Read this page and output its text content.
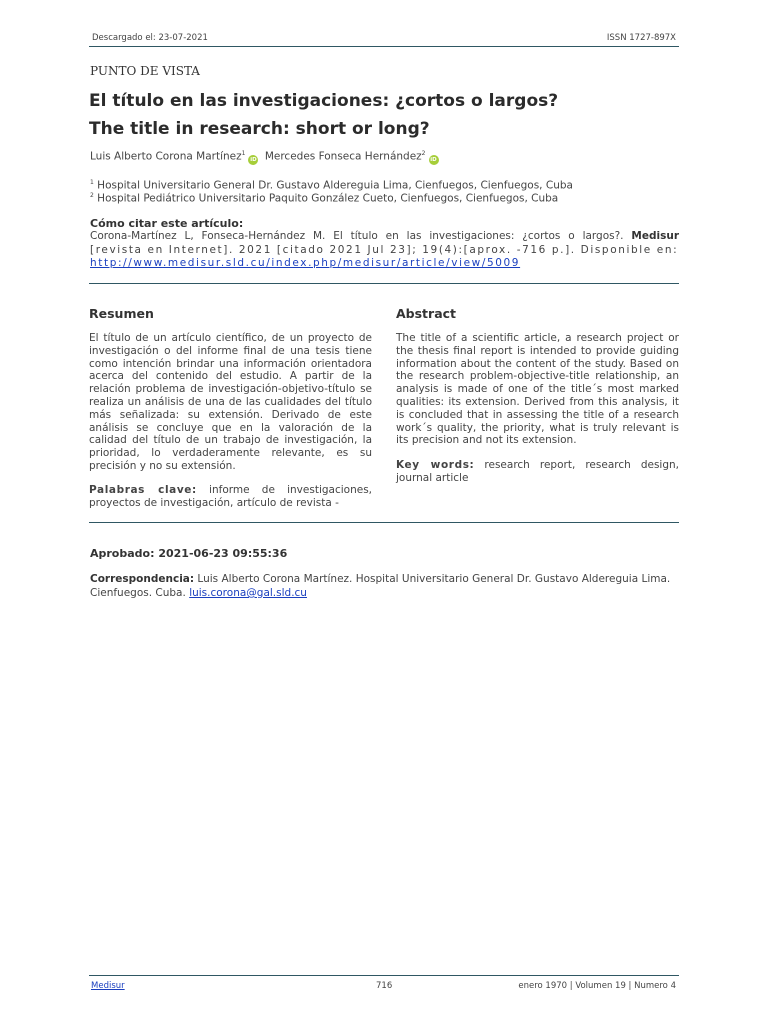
Descargado el: 23-07-2021	ISSN 1727-897X
PUNTO DE VISTA
El título en las investigaciones: ¿cortos o largos?
The title in research: short or long?
Luis Alberto Corona Martínez$^1$iD Mercedes Fonseca Hernández$^2$iD
$^1$ Hospital Universitario General Dr. Gustavo Aldereguia Lima, Cienfuegos, Cienfuegos, Cuba
$^2$ Hospital Pediátrico Universitario Paquito González Cueto, Cienfuegos, Cienfuegos, Cuba
Cómo citar este artículo:
Corona-Martínez L, Fonseca-Hernández M. El título en las investigaciones: ¿cortos o largos?. Medisur [revista en Internet]. 2021 [citado 2021 Jul 23]; 19(4):[aprox. -716 p.]. Disponible en:
http://www.medisur.sld.cu/index.php/medisur/article/view/5009
Resumen
El título de un artículo científico, de un proyecto de investigación o del informe final de una tesis tiene como intención brindar una información orientadora acerca del contenido del estudio. A partir de la relación problema de investigación-objetivo-título se realiza un análisis de una de las cualidades del título más señalizada: su extensión. Derivado de este análisis se concluye que en la valoración de la calidad del título de un trabajo de investigación, la prioridad, lo verdaderamente relevante, es su precisión y no su extensión.
Palabras clave: informe de investigaciones, proyectos de investigación, artículo de revista -
Abstract
The title of a scientific article, a research project or the thesis final report is intended to provide guiding information about the content of the study. Based on the research problem-objective-title relationship, an analysis is made of one of the title´s most marked qualities: its extension. Derived from this analysis, it is concluded that in assessing the title of a research work´s quality, the priority, what is truly relevant is its precision and not its extension.
Key words: research report, research design, journal article
Aprobado: 2021-06-23 09:55:36
Correspondencia: Luis Alberto Corona Martínez. Hospital Universitario General Dr. Gustavo Aldereguia Lima. Cienfuegos. Cuba. luis.corona@gal.sld.cu
Medisur	716	enero 1970 | Volumen 19 | Numero 4
